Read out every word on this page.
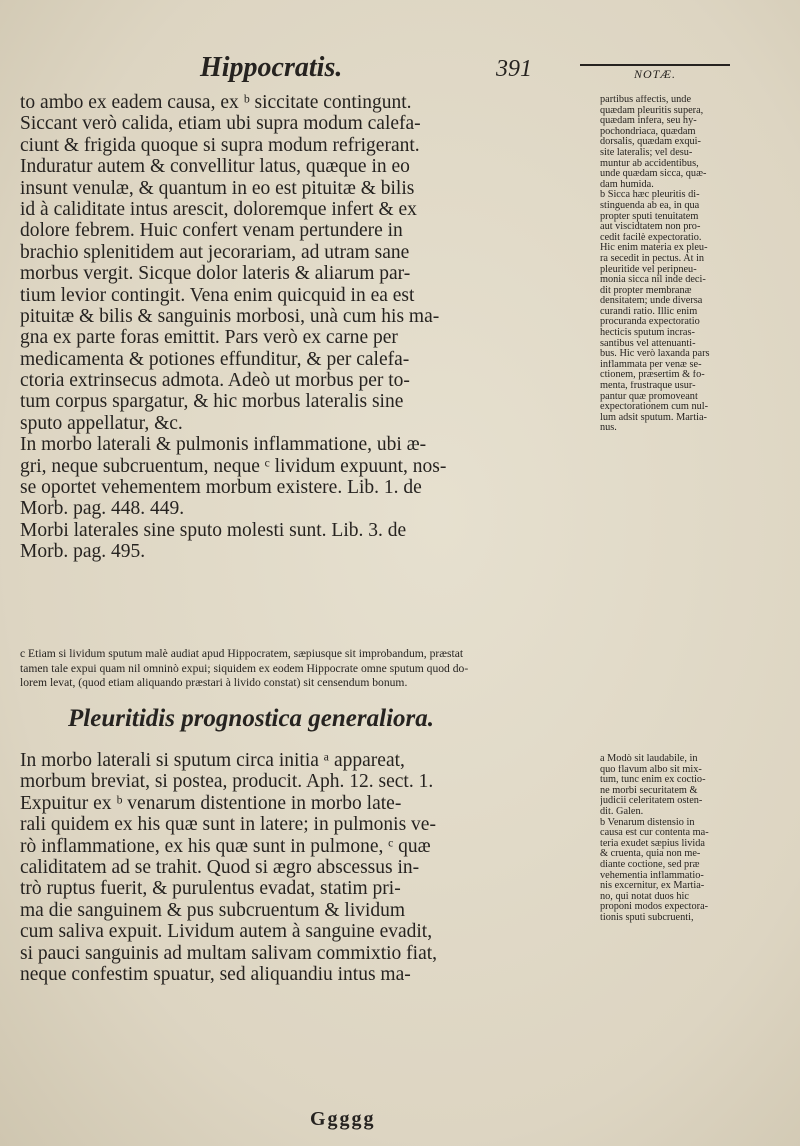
Hippocratis.	391	NOTÆ.
to ambo ex eadem causa, ex ᵇ siccitate contingunt.
Siccant verò calida, etiam ubi supra modum calefa-
ciunt & frigida quoque si supra modum refrigerant.
Induratur autem & convellitur latus, quæque in eo
insunt venulæ, & quantum in eo est pituitæ & bilis
id à caliditate intus arescit, doloremque infert & ex
dolore febrem. Huic confert venam pertundere in
brachio splenitidem aut jecorariam, ad utram sane
morbus vergit. Sicque dolor lateris & aliarum par-
tium levior contingit. Vena enim quicquid in ea est
pituitæ & bilis & sanguinis morbosi, unà cum his ma-
gna ex parte foras emittit. Pars verò ex carne per
medicamenta & potiones effunditur, & per calefa-
ctoria extrinsecus admota. Adeò ut morbus per to-
tum corpus spargatur, & hic morbus lateralis sine
sputo appellatur, &c.
In morbo laterali & pulmonis inflammatione, ubi æ-
gri, neque subcruentum, neque ᶜ lividum expuunt, nos-
se oportet vehementem morbum existere. Lib. 1. de
Morb. pag. 448. 449.
Morbi laterales sine sputo molesti sunt. Lib. 3. de
Morb. pag. 495.
partibus affectis, unde
quædam pleuritis supera,
quædam infera, seu hy-
pochondriaca, quædam
dorsalis, quædam exqui-
site lateralis; vel desu-
muntur ab accidentibus,
unde quædam sicca, quæ-
dam humida.
b Sicca hæc pleuritis di-
stinguenda ab ea, in qua
propter sputi tenuitatem
aut viscidtatem non pro-
cedit facilè expectoratio.
Hic enim materia ex pleu-
ra secedit in pectus. At in
pleuritide vel peripneu-
monia sicca nil inde deci-
dit propter membranæ
densitatem; unde diversa
curandi ratio. Illic enim
procuranda expectoratio
hecticis sputum incras-
santibus vel attenuanti-
bus. Hic verò laxanda pars
inflammata per venæ se-
ctionem, præsertim & fo-
menta, frustraque usur-
pantur quæ promoveant
expectorationem cum nul-
lum adsit sputum. Martia-
nus.
c Etiam si lividum sputum malè audiat apud Hippocratem, sæpiusque sit improbandum, præstat
tamen tale expui quam nil omninò expui; siquidem ex eodem Hippocrate omne sputum quod do-
lorem levat, (quod etiam aliquando præstari à livido constat) sit censendum bonum.
Pleuritidis prognostica generaliora.
In morbo laterali si sputum circa initia ᵃ appareat,
morbum breviat, si postea, producit. Aph. 12. sect. 1.
Expuitur ex ᵇ venarum distentione in morbo late-
rali quidem ex his quæ sunt in latere; in pulmonis ve-
rò inflammatione, ex his quæ sunt in pulmone, ᶜ quæ
caliditatem ad se trahit. Quod si ægro abscessus in-
trò ruptus fuerit, & purulentus evadat, statim pri-
ma die sanguinem & pus subcruentum & lividum
cum saliva expuit. Lividum autem à sanguine evadit,
si pauci sanguinis ad multam salivam commixtio fiat,
neque confestim spuatur, sed aliquandiu intus ma-
a Modò sit laudabile, in
quo flavum albo sit mix-
tum, tunc enim ex coctio-
ne morbi securitatem &
judicii celeritatem osten-
dit. Galen.
b Venarum distensio in
causa est cur contenta ma-
teria exudet sæpius livida
& cruenta, quia non me-
diante coctione, sed præ
vehementia inflammatio-
nis excernitur, ex Martia-
no, qui notat duos hic
proponi modos expectora-
tionis sputi subcruenti,
Ggggg
